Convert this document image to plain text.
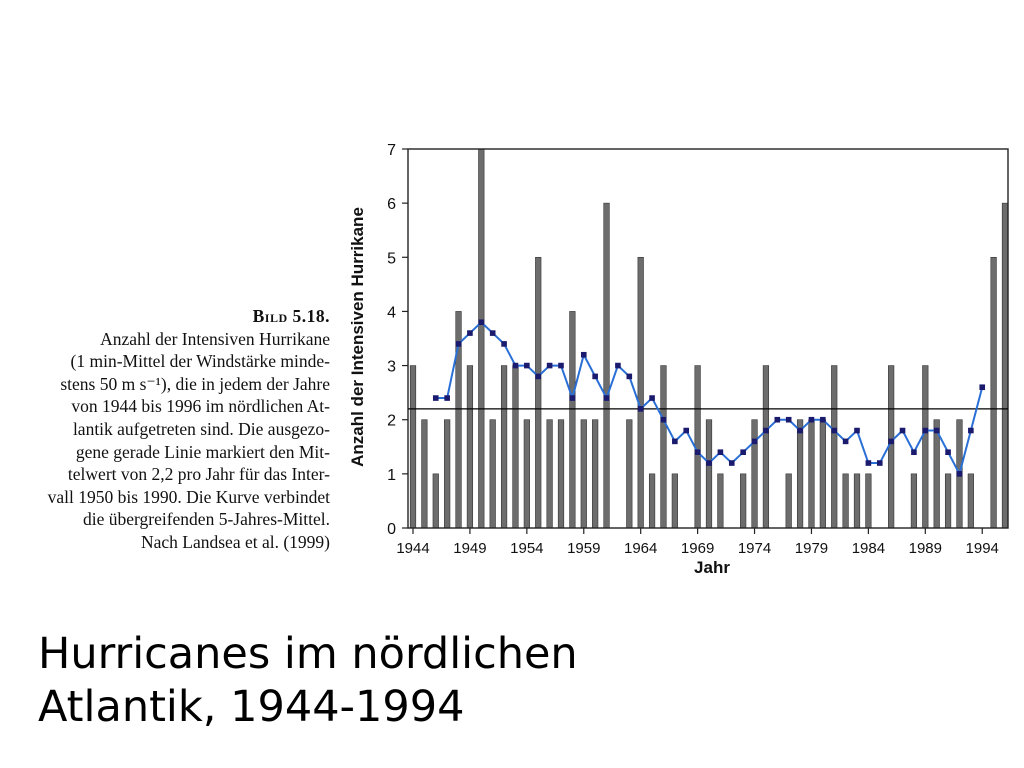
Bild 5.18.
Anzahl der Intensiven Hurrikane
(1 min-Mittel der Windstärke minde-
stens 50 m s⁻¹), die in jedem der Jahre
von 1944 bis 1996 im nördlichen At-
lantik aufgetreten sind. Die ausgezo-
gene gerade Linie markiert den Mit-
telwert von 2,2 pro Jahr für das Inter-
vall 1950 bis 1990. Die Kurve verbindet
die übergreifenden 5-Jahres-Mittel.
Nach Landsea et al. (1999)
0
1
2
3
4
5
6
7
1944 1949 1954 1959 1964 1969 1974 1979 1984 1989 1994
Jahr
Anzahl der Intensiven Hurrikane
Hurricanes im nördlichen Atlantik, 1944-1994
